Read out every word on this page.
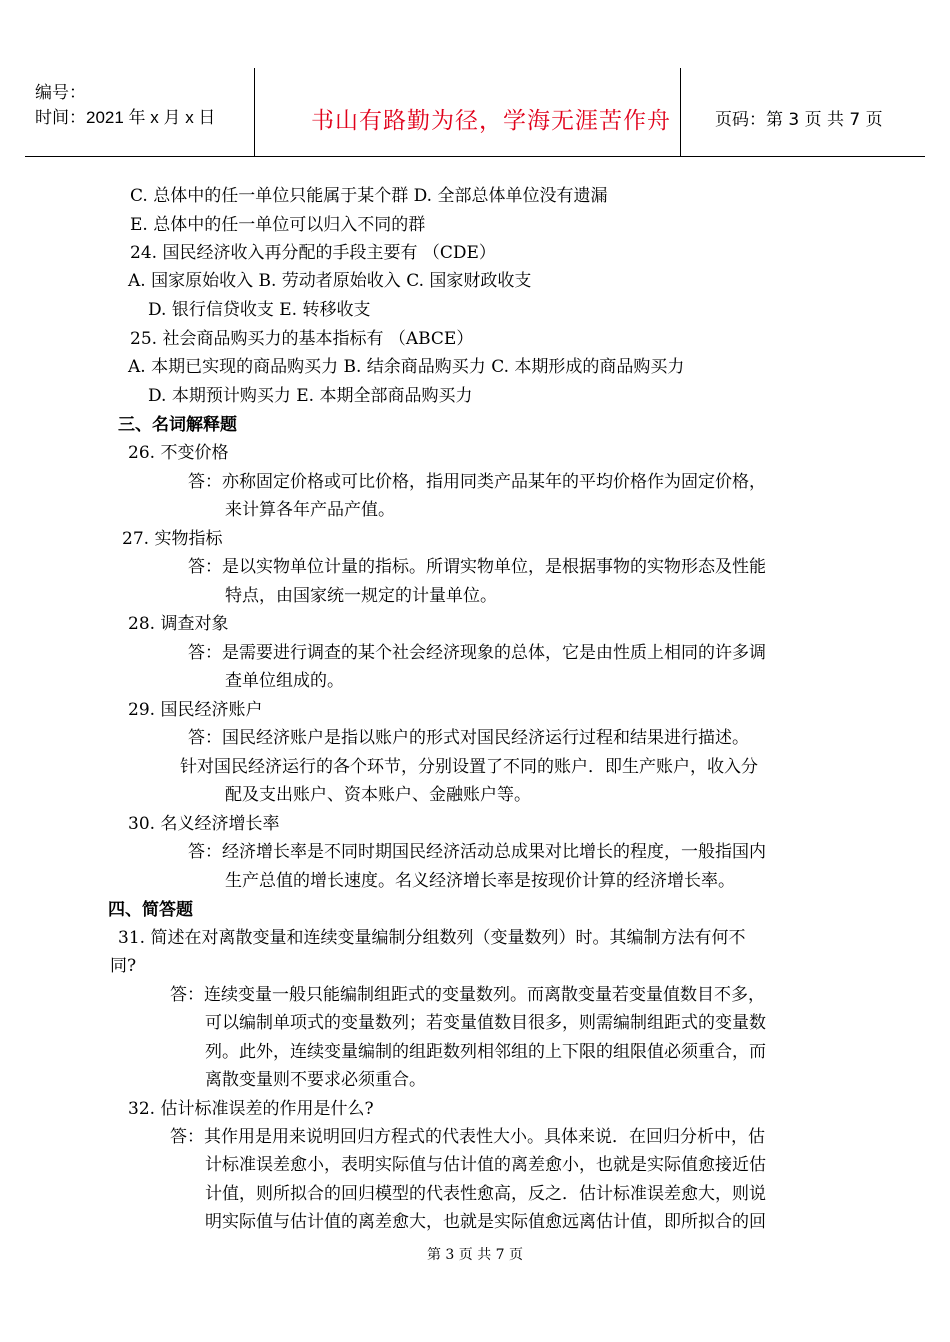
编号：
时间：2021 年 x 月 x 日	书山有路勤为径，学海无涯苦作舟	页码：第 3 页 共 7 页
C. 总体中的任一单位只能属于某个群 D. 全部总体单位没有遗漏
E. 总体中的任一单位可以归入不同的群
24. 国民经济收入再分配的手段主要有 （CDE）
A. 国家原始收入 B. 劳动者原始收入 C. 国家财政收支
D. 银行信贷收支 E. 转移收支
25. 社会商品购买力的基本指标有 （ABCE）
A. 本期已实现的商品购买力 B. 结余商品购买力 C. 本期形成的商品购买力
D. 本期预计购买力 E. 本期全部商品购买力
三、名词解释题
26. 不变价格
答：亦称固定价格或可比价格，指用同类产品某年的平均价格作为固定价格，
来计算各年产品产值。
27. 实物指标
答：是以实物单位计量的指标。所谓实物单位，是根据事物的实物形态及性能
特点，由国家统一规定的计量单位。
28. 调查对象
答：是需要进行调查的某个社会经济现象的总体，它是由性质上相同的许多调
查单位组成的。
29. 国民经济账户
答：国民经济账户是指以账户的形式对国民经济运行过程和结果进行描述。
针对国民经济运行的各个环节，分别设置了不同的账户．即生产账户，收入分
配及支出账户、资本账户、金融账户等。
30. 名义经济增长率
答：经济增长率是不同时期国民经济活动总成果对比增长的程度，一般指国内
生产总值的增长速度。名义经济增长率是按现价计算的经济增长率。
四、简答题
31. 简述在对离散变量和连续变量编制分组数列（变量数列）时。其编制方法有何不
同?
答：连续变量一般只能编制组距式的变量数列。而离散变量若变量值数目不多，
可以编制单项式的变量数列；若变量值数目很多，则需编制组距式的变量数
列。此外，连续变量编制的组距数列相邻组的上下限的组限值必须重合，而
离散变量则不要求必须重合。
32. 估计标准误差的作用是什么?
答：其作用是用来说明回归方程式的代表性大小。具体来说．在回归分析中，估
计标准误差愈小，表明实际值与估计值的离差愈小，也就是实际值愈接近估
计值，则所拟合的回归模型的代表性愈高，反之．估计标准误差愈大，则说
明实际值与估计值的离差愈大，也就是实际值愈远离估计值，即所拟合的回
第 3 页 共 7 页
